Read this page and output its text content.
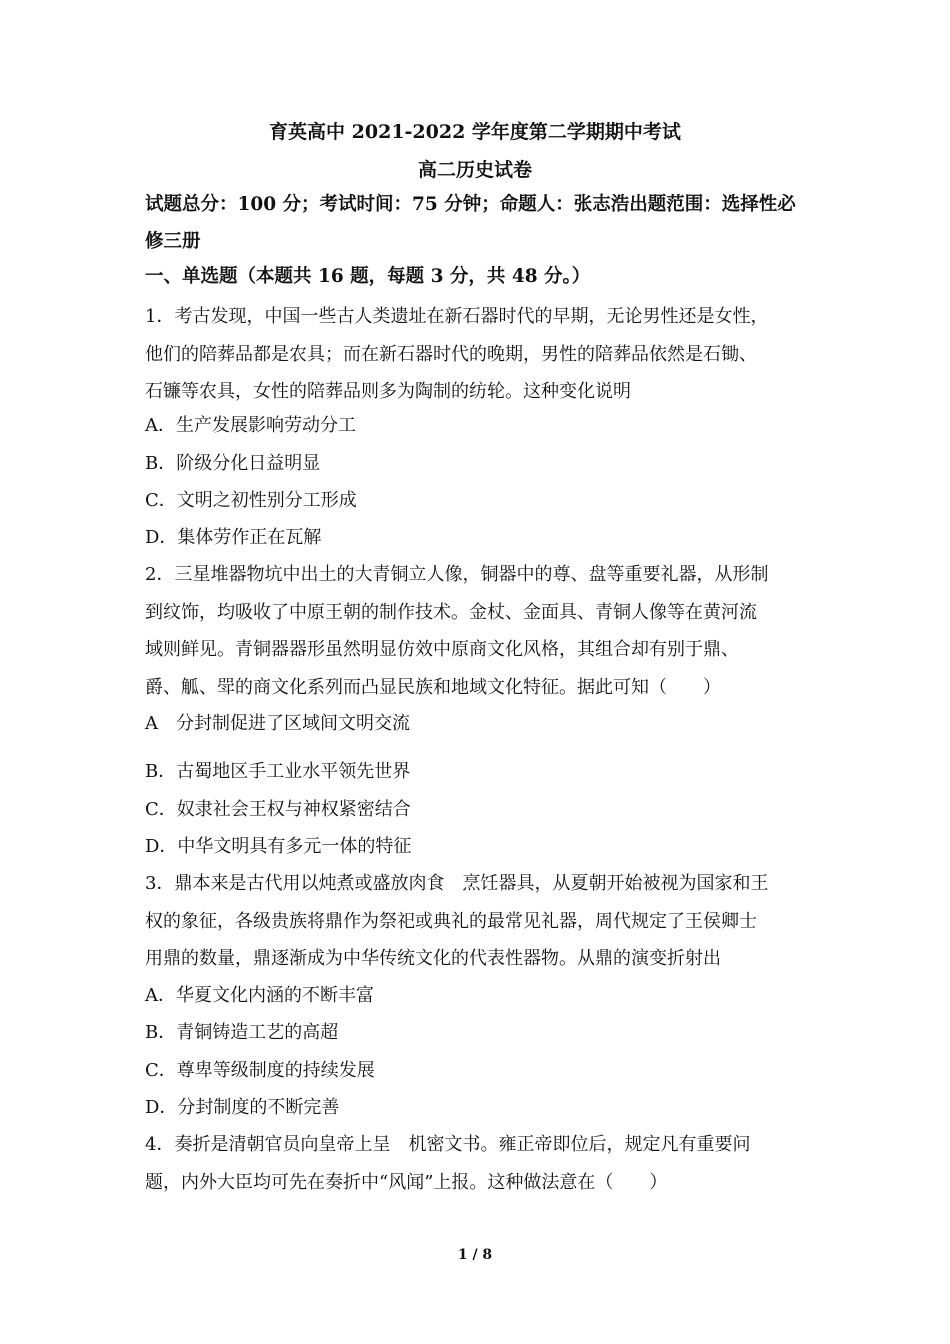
育英高中 2021-2022 学年度第二学期期中考试
高二历史试卷
试题总分：100 分；考试时间：75 分钟；命题人：张志浩出题范围：选择性必
修三册
一、单选题（本题共 16 题，每题 3 分，共 48 分。）
1．考古发现，中国一些古人类遗址在新石器时代的早期，无论男性还是女性，
他们的陪葬品都是农具；而在新石器时代的晚期，男性的陪葬品依然是石锄、
石镰等农具，女性的陪葬品则多为陶制的纺轮。这种变化说明
A．生产发展影响劳动分工
B．阶级分化日益明显
C．文明之初性别分工形成
D．集体劳作正在瓦解
2．三星堆器物坑中出土的大青铜立人像，铜器中的尊、盘等重要礼器，从形制
到纹饰，均吸收了中原王朝的制作技术。金杖、金面具、青铜人像等在黄河流
域则鲜见。青铜器器形虽然明显仿效中原商文化风格，其组合却有别于鼎、
爵、觚、斝的商文化系列而凸显民族和地域文化特征。据此可知（　　）
A　分封制促进了区域间文明交流
B．古蜀地区手工业水平领先世界
C．奴隶社会王权与神权紧密结合
D．中华文明具有多元一体的特征
3．鼎本来是古代用以炖煮或盛放肉食　烹饪器具，从夏朝开始被视为国家和王
权的象征，各级贵族将鼎作为祭祀或典礼的最常见礼器，周代规定了王侯卿士
用鼎的数量，鼎逐渐成为中华传统文化的代表性器物。从鼎的演变折射出
A．华夏文化内涵的不断丰富
B．青铜铸造工艺的高超
C．尊卑等级制度的持续发展
D．分封制度的不断完善
4．奏折是清朝官员向皇帝上呈　机密文书。雍正帝即位后，规定凡有重要问
题，内外大臣均可先在奏折中“风闻”上报。这种做法意在（　　）
1 / 8
